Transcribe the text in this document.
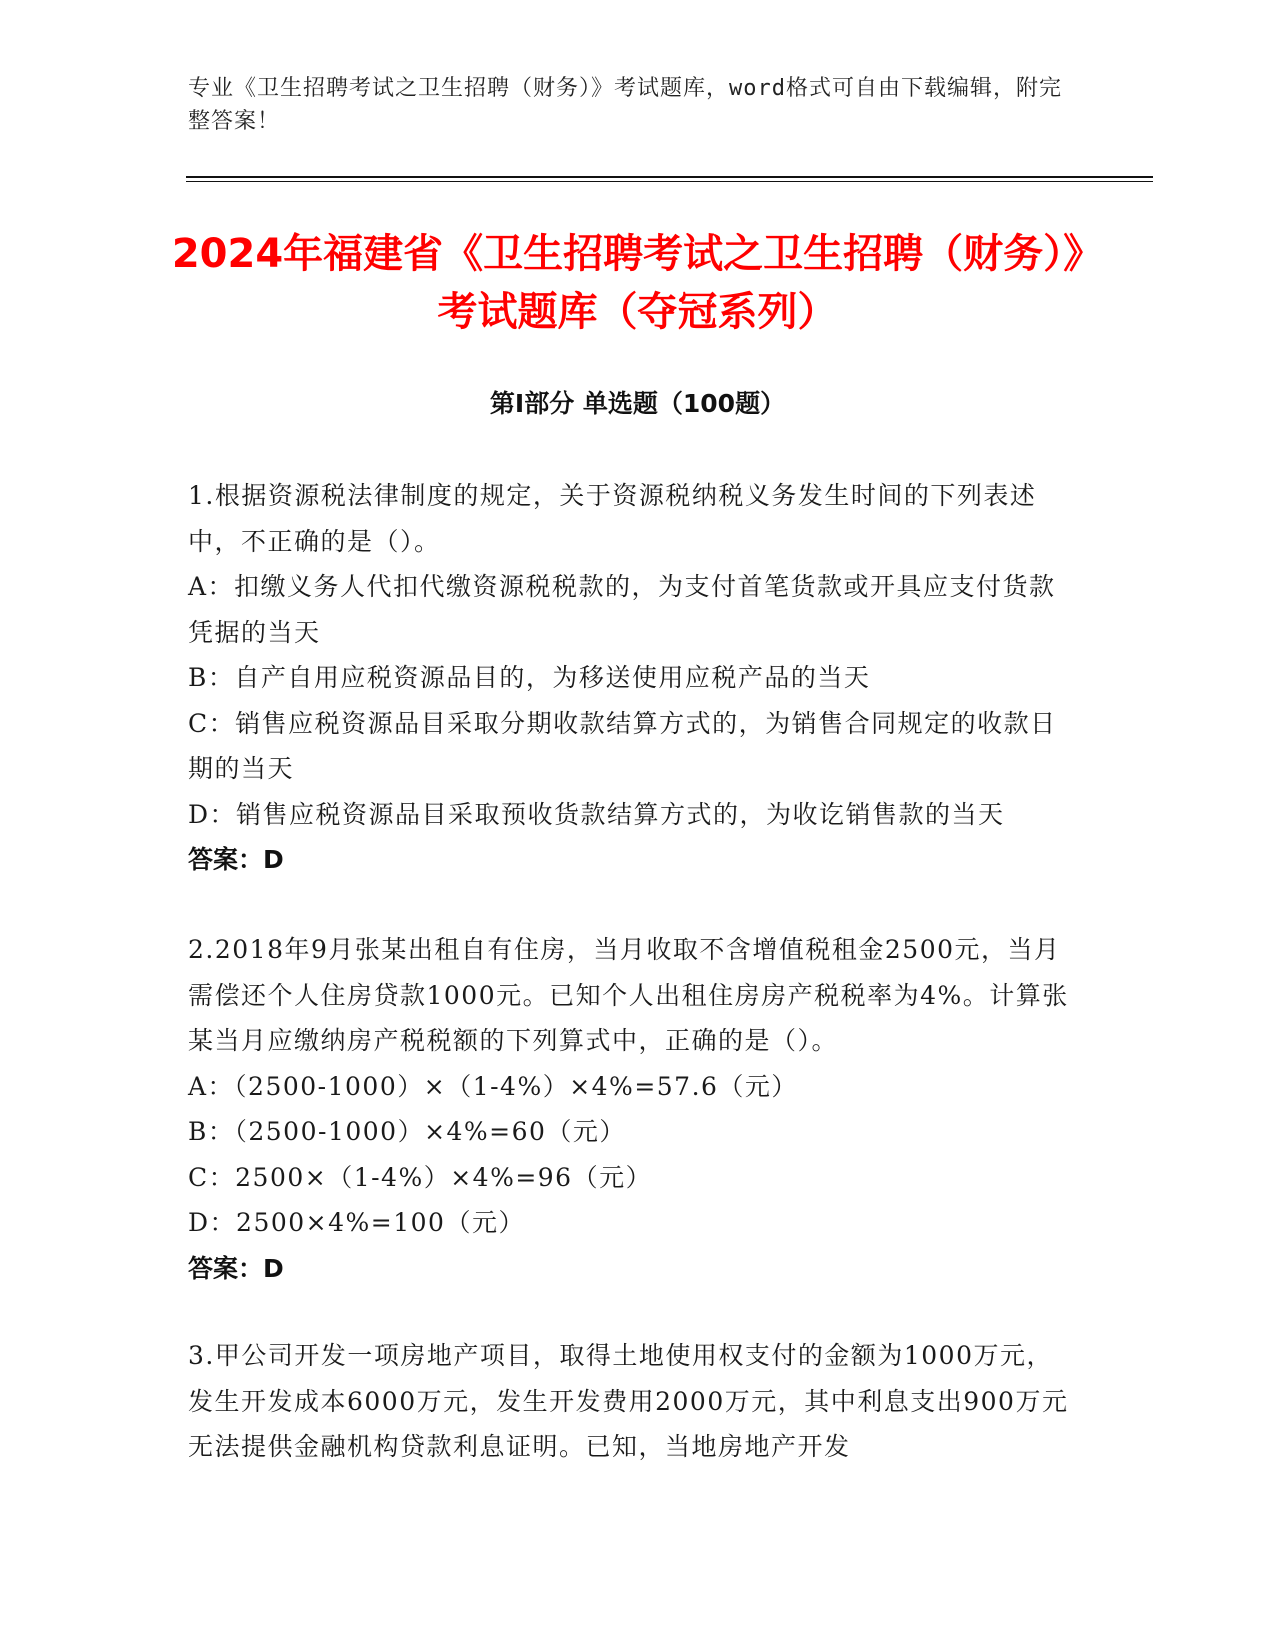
专业《卫生招聘考试之卫生招聘（财务）》考试题库，word格式可自由下载编辑，附完整答案！
2024年福建省《卫生招聘考试之卫生招聘（财务）》考试题库（夺冠系列）
第Ⅰ部分 单选题（100题）
1.根据资源税法律制度的规定，关于资源税纳税义务发生时间的下列表述中，不正确的是（）。
A：扣缴义务人代扣代缴资源税税款的，为支付首笔货款或开具应支付货款凭据的当天
B：自产自用应税资源品目的，为移送使用应税产品的当天
C：销售应税资源品目采取分期收款结算方式的，为销售合同规定的收款日期的当天
D：销售应税资源品目采取预收货款结算方式的，为收讫销售款的当天
答案：D
2.2018年9月张某出租自有住房，当月收取不含增值税租金2500元，当月需偿还个人住房贷款1000元。已知个人出租住房房产税税率为4%。计算张某当月应缴纳房产税税额的下列算式中，正确的是（）。
A：（2500-1000）×（1-4%）×4%=57.6（元）
B：（2500-1000）×4%=60（元）
C：2500×（1-4%）×4%=96（元）
D：2500×4%=100（元）
答案：D
3.甲公司开发一项房地产项目，取得土地使用权支付的金额为1000万元，发生开发成本6000万元，发生开发费用2000万元，其中利息支出900万元无法提供金融机构贷款利息证明。已知，当地房地产开发
